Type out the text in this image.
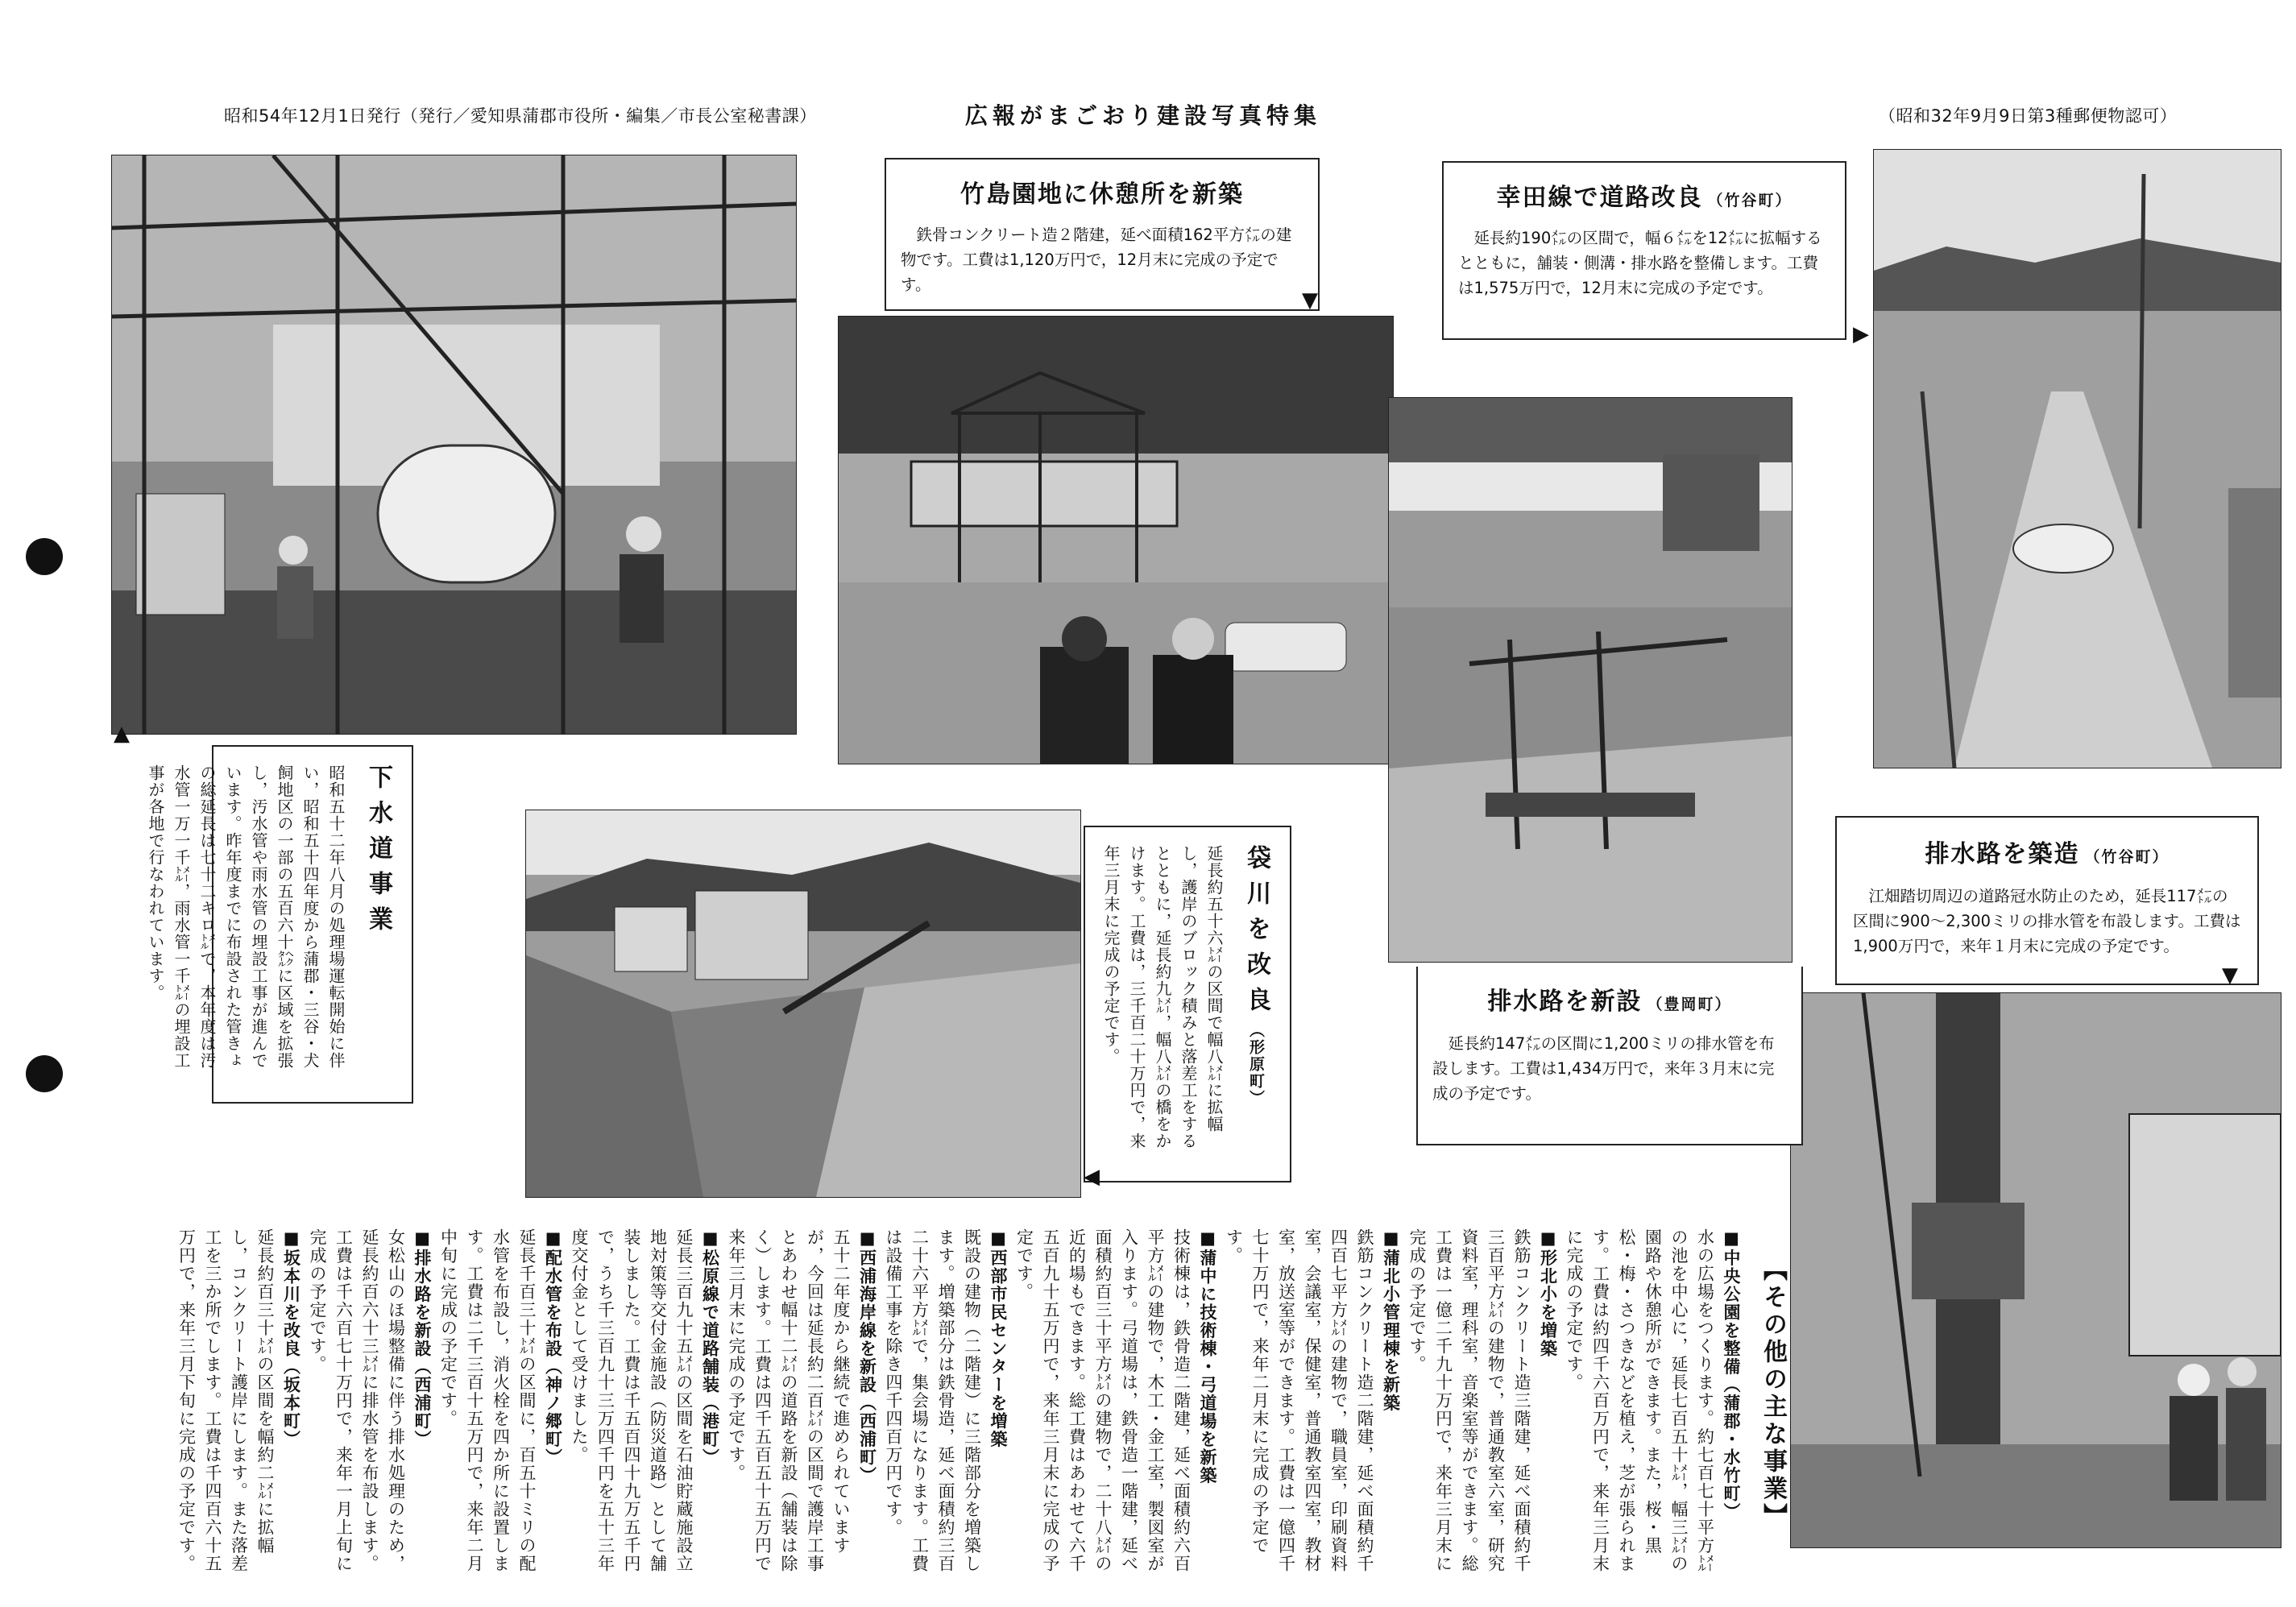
昭和54年12月1日発行（発行／愛知県蒲郡市役所・編集／市長公室秘書課）	広報がまごおり建設写真特集	（昭和32年9月9日第3種郵便物認可）
竹島園地に休憩所を新築

鉄骨コンクリート造２階建，延べ面積162平方㍍の建物です。工費は1,120万円で，12月末に完成の予定です。

▼
幸田線で道路改良 （竹谷町）

延長約190㍍の区間で，幅６㍍を12㍍に拡幅するとともに，舗装・側溝・排水路を整備します。工費は1,575万円で，12月末に完成の予定です。

▶
排水路を新設 （豊岡町）

延長約147㍍の区間に1,200ミリの排水管を布設します。工費は1,434万円で，来年３月末に完成の予定です。

排水路を築造 （竹谷町）

江畑踏切周辺の道路冠水防止のため，延長117㍍の区間に900～2,300ミリの排水管を布設します。工費は1,900万円で，来年１月末に完成の予定です。

▼
下水道事業
昭和五十二年八月の処理場運転開始に伴い，昭和五十四年度から蒲郡・三谷・犬飼地区の一部の五百六十㌶に区域を拡張し，汚水管や雨水管の埋設工事が進んでいます。昨年度までに布設された管きょの総延長は七十二キロ㍍で，本年度は汚水管一万一千㍍，雨水管一千㍍の埋設工事が各地で行なわれています。
▲
袋川を改良（形原町）
延長約五十六㍍の区間で幅八㍍に拡幅し，護岸のブロック積みと落差工をするとともに，延長約九㍍，幅八㍍の橋をかけます。工費は，三千百二十万円で，来年三月末に完成の予定です。
◀
【その他の主な事業】
■中央公園を整備（蒲郡・水竹町）
水の広場をつくります。約七百七十平方㍍の池を中心に，延長七百五十㍍，幅三㍍の園路や休憩所ができます。また，桜・黒松・梅・さつきなどを植え，芝が張られます。工費は約四千六百万円で，来年三月末に完成の予定です。
■形北小を増築
鉄筋コンクリート造三階建，延べ面積約千三百平方㍍の建物で，普通教室六室，研究資料室，理科室，音楽室等ができます。総工費は一億二千九十万円で，来年三月末に完成の予定です。
■蒲北小管理棟を新築
鉄筋コンクリート造二階建，延べ面積約千四百七平方㍍の建物で，職員室，印刷資料室，会議室，保健室，普通教室四室，教材室，放送室等ができます。工費は一億四千七十万円で，来年二月末に完成の予定です。
■蒲中に技術棟・弓道場を新築
技術棟は，鉄骨造二階建，延べ面積約六百平方㍍の建物で，木工・金工室，製図室が入ります。弓道場は，鉄骨造一階建，延べ面積約百三十平方㍍の建物で，二十八㍍の近的場もできます。総工費はあわせて六千五百九十五万円で，来年三月末に完成の予定です。
■西部市民センターを増築
既設の建物（二階建）に三階部分を増築します。増築部分は鉄骨造，延べ面積約三百二十六平方㍍で，集会場になります。工費は設備工事を除き四千四百万円です。
■西浦海岸線を新設（西浦町）
五十二年度から継続で進められていますが，今回は延長約二百㍍の区間で護岸工事とあわせ幅十二㍍の道路を新設（舗装は除く）します。工費は四千五百五十五万円で来年三月末に完成の予定です。
■松原線で道路舗装（港町）
延長三百九十五㍍の区間を石油貯蔵施設立地対策等交付金施設（防災道路）として舗装しました。工費は千五百四十九万五千円で，うち千三百九十三万四千円を五十三年度交付金として受けました。
■配水管を布設（神ノ郷町）
延長千百三十㍍の区間に，百五十ミリの配水管を布設し，消火栓を四か所に設置します。工費は二千三百十五万円で，来年二月中旬に完成の予定です。
■排水路を新設（西浦町）
女松山のほ場整備に伴う排水処理のため，延長約百六十三㍍に排水管を布設します。工費は千六百七十万円で，来年一月上旬に完成の予定です。
■坂本川を改良（坂本町）
延長約百三十㍍の区間を幅約二㍍に拡幅し，コンクリート護岸にします。また落差工を三か所でします。工費は千四百六十五万円で，来年三月下旬に完成の予定です。
